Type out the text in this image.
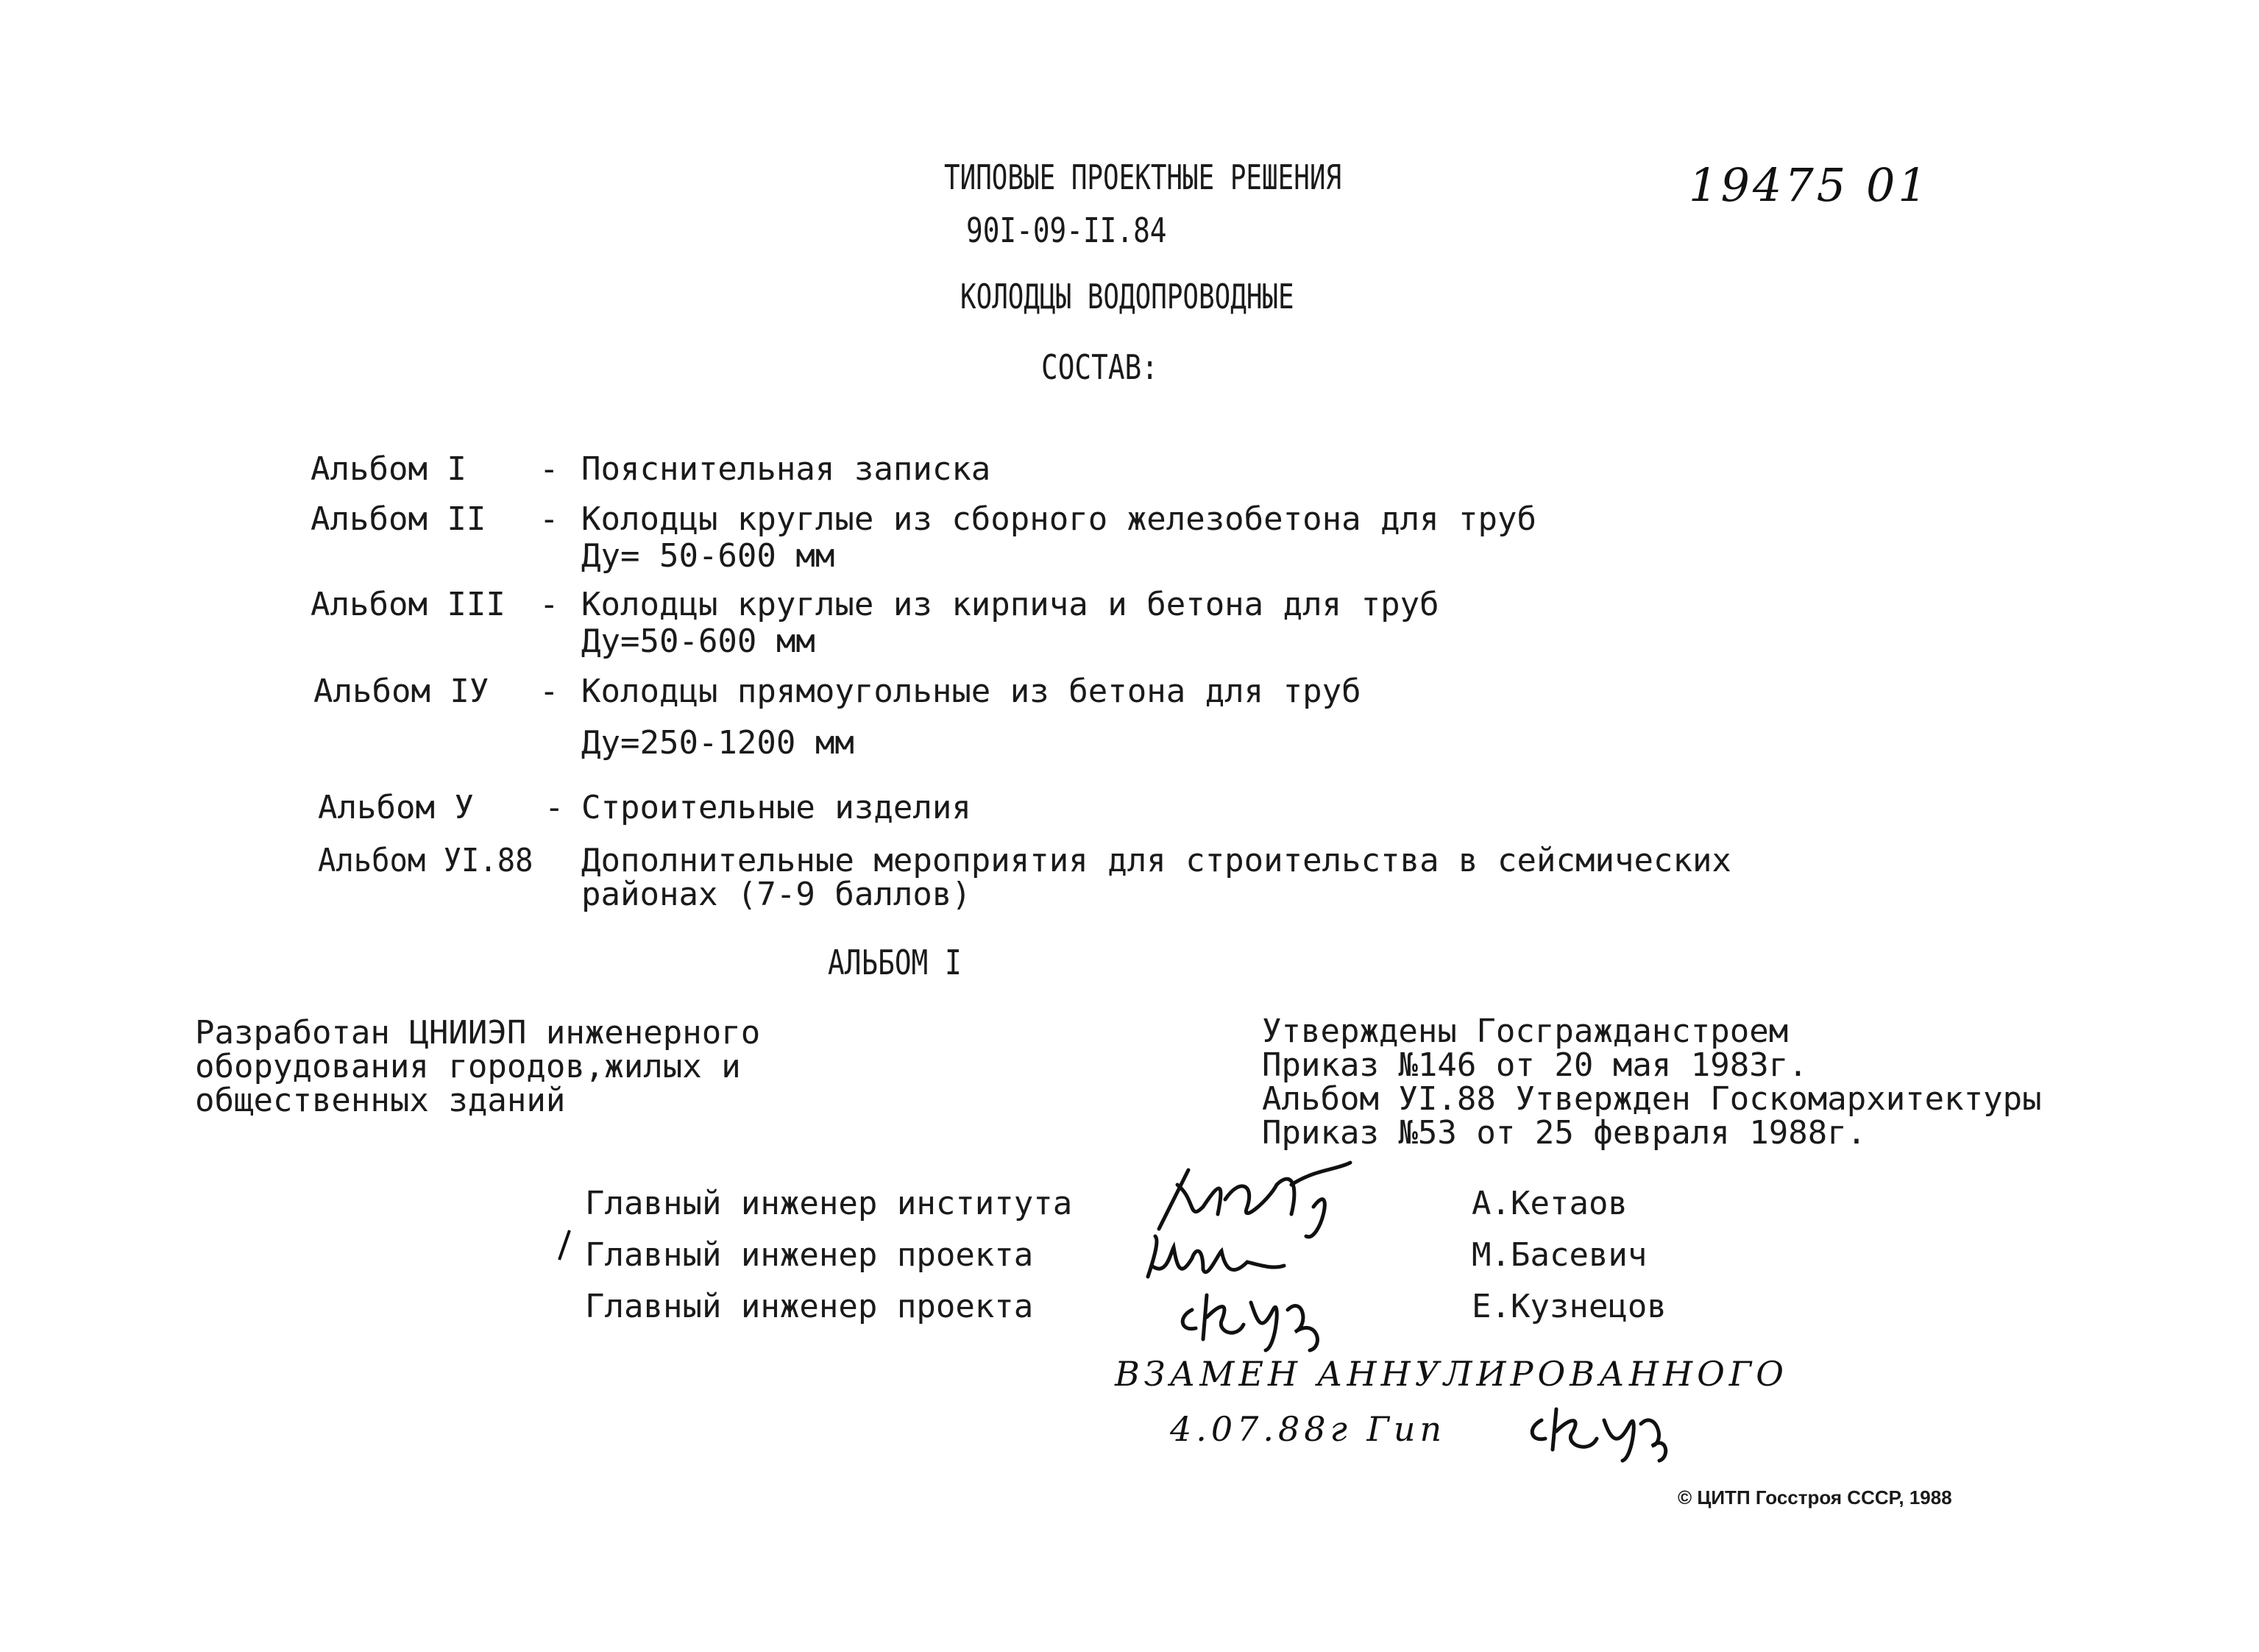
ТИПОВЫЕ ПРОЕКТНЫЕ РЕШЕНИЯ
90I-09-II.84
КОЛОДЦЫ ВОДОПРОВОДНЫЕ
СОСТАВ:
19475 01
Альбом I - Пояснительная записка
Альбом II - Колодцы круглые из сборного железобетона для труб
Ду= 50-600 мм
Альбом III - Колодцы круглые из кирпича и бетона для труб
Ду=50-600 мм
Альбом IУ - Колодцы прямоугольные из бетона для труб
Ду=250-1200 мм
Альбом У - Строительные изделия
Альбом УI.88 Дополнительные мероприятия для строительства в сейсмических
районах (7-9 баллов)
АЛЬБОМ I
Разработан ЦНИИЭП инженерного
оборудования городов,жилых и
общественных зданий
Утверждены Госгражданстроем
Приказ №146 от 20 мая 1983г.
Альбом УI.88 Утвержден Госкомархитектуры
Приказ №53 от 25 февраля 1988г.
Главный инженер института	А.Кетаов
Главный инженер проекта	М.Басевич
Главный инженер проекта	Е.Кузнецов
ВЗАМЕН АННУЛИРОВАННОГО
4.07.88г Гип
© ЦИТП Госстроя СССР, 1988
